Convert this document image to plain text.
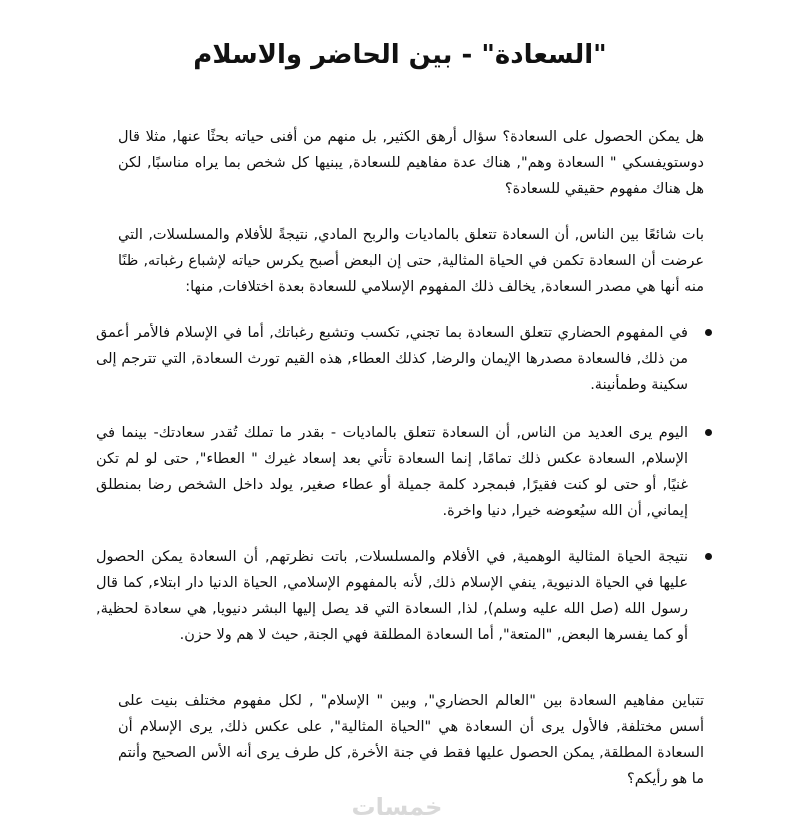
"السعادة" - بين الحاضر والاسلام

هل يمكن الحصول على السعادة؟ سؤال أرهق الكثير, بل منهم من أفنى حياته بحثًا عنها, مثلا قال دوستويفسكي " السعادة وهم", هناك عدة مفاهيم للسعادة, يبنيها كل شخص بما يراه مناسبًا, لكن هل هناك مفهوم حقيقي للسعادة؟

بات شائعًا بين الناس, أن السعادة تتعلق بالماديات والربح المادي, نتيجةً للأفلام والمسلسلات, التي عرضت أن السعادة تكمن في الحياة المثالية, حتى إن البعض أصبح يكرس حياته لإشباع رغباته, ظنًا منه أنها هي مصدر السعادة, يخالف ذلك المفهوم الإسلامي للسعادة بعدة اختلافات, منها:

في المفهوم الحضاري تتعلق السعادة بما تجني, تكسب وتشبع رغباتك, أما في الإسلام فالأمر أعمق من ذلك, فالسعادة مصدرها الإيمان والرضا, كذلك العطاء, هذه القيم تورث السعادة, التي تترجم إلى سكينة وطمأنينة.
اليوم يرى العديد من الناس, أن السعادة تتعلق بالماديات - بقدر ما تملك تُقدر سعادتك- بينما في الإسلام, السعادة عكس ذلك تمامًا, إنما السعادة تأتي بعد إسعاد غيرك " العطاء", حتى لو لم تكن غنيًا, أو حتى لو كنت فقيرًا, فبمجرد كلمة جميلة أو عطاء صغير, يولد داخل الشخص رضا بمنطلق إيماني, أن الله سيُعوضه خيرا, دنيا واخرة.
نتيجة الحياة المثالية الوهمية, في الأفلام والمسلسلات, باتت نظرتهم, أن السعادة يمكن الحصول عليها في الحياة الدنيوية, ينفي الإسلام ذلك, لأنه بالمفهوم الإسلامي, الحياة الدنيا دار ابتلاء, كما قال رسول الله (صل الله عليه وسلم), لذا, السعادة التي قد يصل إليها البشر دنيويا, هي سعادة لحظية, أو كما يفسرها البعض, "المتعة", أما السعادة المطلقة فهي الجنة, حيث لا هم ولا حزن.

تتباين مفاهيم السعادة بين "العالم الحضاري", وبين " الإسلام" , لكل مفهوم مختلف بنيت على أسس مختلفة, فالأول يرى أن السعادة هي "الحياة المثالية", على عكس ذلك, يرى الإسلام أن السعادة المطلقة, يمكن الحصول عليها فقط في جنة الأخرة, كل طرف يرى أنه الأس الصحيح وأنتم ما هو رأيكم؟

خمسات
